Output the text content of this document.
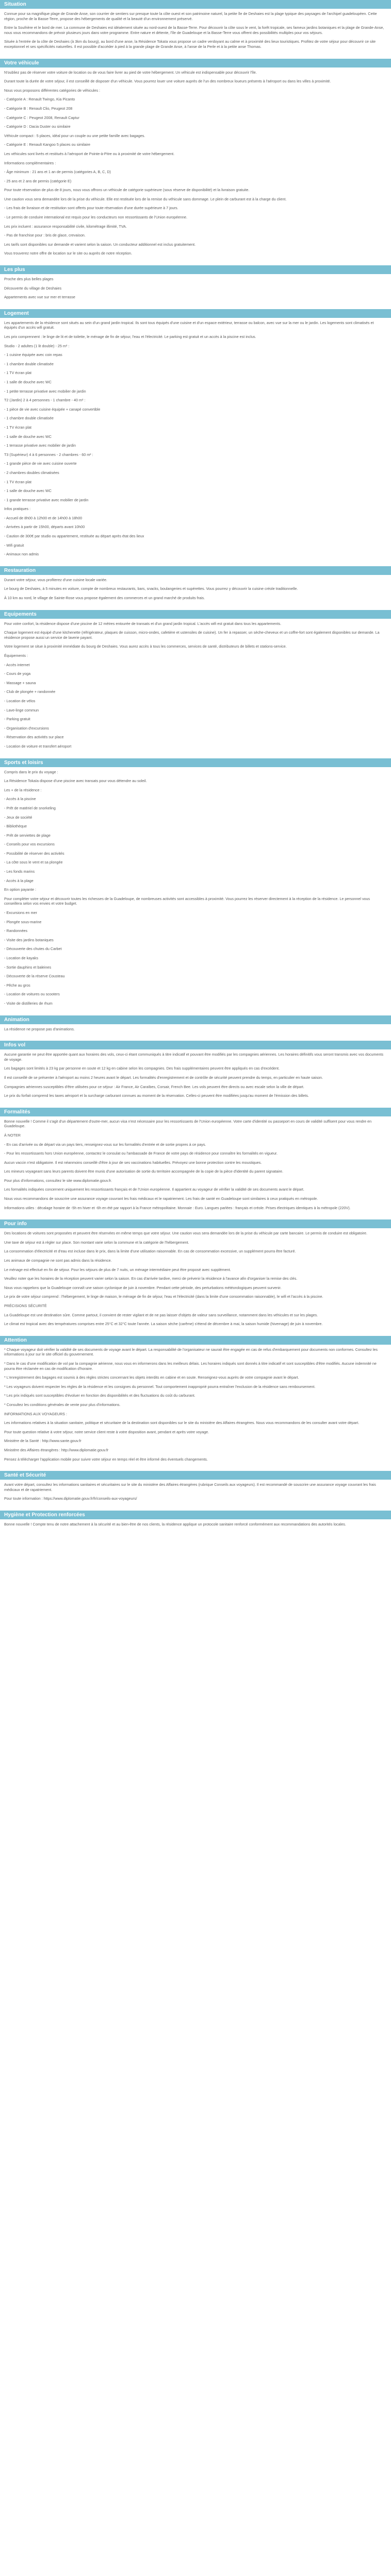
Situation

Connue pour sa magnifique plage de Grande Anse, son courrier de sentiers sur presque toute la côte ouest et son patrimoine naturel, la petite île de Deshaies est la plage typique des paysages de l'archipel guadeloupéen. Cette région, proche de la Basse-Terre, propose des hébergements de qualité et la beauté d'un environnement préservé.

Entre la Soufrière et le bord de mer. La commune de Deshaies est idéalement située au nord-ouest de la Basse-Terre. Pour découvrir la côte sous le vent, la forêt tropicale, ses fameux jardins botaniques et la plage de Grande-Anse, nous vous recommandons de prévoir plusieurs jours dans votre programme. Entre nature et détente, l'île de Guadeloupe et la Basse-Terre vous offrent des possibilités multiples pour vos séjours.

Située à l'entrée de la côte de Deshaies (à 3km du bourg), au bord d'une anse, la Résidence Tokaïa vous propose un cadre verdoyant au calme et à proximité des lieux touristiques. Profitez de votre séjour pour découvrir ce site exceptionnel et ses spécificités naturelles. Il est possible d'accéder à pied à la grande plage de Grande Anse, à l'anse de la Perle et à la petite anse Thomas.

Votre véhicule

N'oubliez pas de réserver votre voiture de location ou de vous faire livrer au pied de votre hébergement. Un véhicule est indispensable pour découvrir l'île.

Durant toute la durée de votre séjour, il est conseillé de disposer d'un véhicule. Vous pourrez louer une voiture auprès de l'un des nombreux loueurs présents à l'aéroport ou dans les villes à proximité.

Nous vous proposons différentes catégories de véhicules :

- Catégorie A : Renault Twingo, Kia Picanto

- Catégorie B : Renault Clio, Peugeot 208

- Catégorie C : Peugeot 2008, Renault Captur

- Catégorie D : Dacia Duster ou similaire

Véhicule compact : 5 places, idéal pour un couple ou une petite famille avec bagages.

- Catégorie E : Renault Kangoo 5 places ou similaire

Les véhicules sont livrés et restitués à l'aéroport de Pointe-à-Pitre ou à proximité de votre hébergement.

Informations complémentaires :

- Âge minimum : 21 ans et 1 an de permis (catégories A, B, C, D)

- 25 ans et 2 ans de permis (catégorie E)

Pour toute réservation de plus de 8 jours, nous vous offrons un véhicule de catégorie supérieure (sous réserve de disponibilité) et la livraison gratuite.

Une caution vous sera demandée lors de la prise du véhicule. Elle est restituée lors de la remise du véhicule sans dommage. Le plein de carburant est à la charge du client.

- Les frais de livraison et de restitution sont offerts pour toute réservation d'une durée supérieure à 7 jours.

- Le permis de conduire international est requis pour les conducteurs non ressortissants de l'Union européenne.

Les prix incluent : assurance responsabilité civile, kilométrage illimité, TVA.

- Pas de franchise pour : bris de glace, crevaison.

Les tarifs sont disponibles sur demande et varient selon la saison. Un conducteur additionnel est inclus gratuitement.

Vous trouverez notre offre de location sur le site ou auprès de notre réception.

Les plus

Proche des plus belles plages

Découverte du village de Deshaies

Appartements avec vue sur mer et terrasse

Logement

Les appartements de la résidence sont situés au sein d'un grand jardin tropical. Ils sont tous équipés d'une cuisine et d'un espace extérieur, terrasse ou balcon, avec vue sur la mer ou le jardin. Les logements sont climatisés et équipés d'un accès wifi gratuit.

Les prix comprennent : le linge de lit et de toilette, le ménage de fin de séjour, l'eau et l'électricité. Le parking est gratuit et un accès à la piscine est inclus.

Studio - 2 adultes (1 lit double) - 25 m² :

- 1 cuisine équipée avec coin repas

- 1 chambre double climatisée

- 1 TV écran plat

- 1 salle de douche avec WC

- 1 petite terrasse privative avec mobilier de jardin

T2 (Jardin) 2 à 4 personnes - 1 chambre - 40 m² :

- 1 pièce de vie avec cuisine équipée + canapé convertible

- 1 chambre double climatisée

- 1 TV écran plat

- 1 salle de douche avec WC

- 1 terrasse privative avec mobilier de jardin

T3 (Supérieur) 4 à 6 personnes - 2 chambres - 60 m² :

- 1 grande pièce de vie avec cuisine ouverte

- 2 chambres doubles climatisées

- 1 TV écran plat

- 1 salle de douche avec WC

- 1 grande terrasse privative avec mobilier de jardin

Infos pratiques :

- Accueil de 8h00 à 12h00 et de 14h00 à 18h00

- Arrivées à partir de 15h00, départs avant 10h00

- Caution de 300€ par studio ou appartement, restituée au départ après état des lieux

- Wifi gratuit

- Animaux non admis

Restauration

Durant votre séjour, vous profiterez d'une cuisine locale variée.

Le bourg de Deshaies, à 5 minutes en voiture, compte de nombreux restaurants, bars, snacks, boulangeries et supérettes. Vous pourrez y découvrir la cuisine créole traditionnelle.

À 10 km au nord, le village de Sainte-Rose vous propose également des commerces et un grand marché de produits frais.

Equipements

Pour votre confort, la résidence dispose d'une piscine de 12 mètres entourée de transats et d'un grand jardin tropical. L'accès wifi est gratuit dans tous les appartements.

Chaque logement est équipé d'une kitchenette (réfrigérateur, plaques de cuisson, micro-ondes, cafetière et ustensiles de cuisine). Un fer à repasser, un sèche-cheveux et un coffre-fort sont également disponibles sur demande. La résidence propose aussi un service de laverie payant.

Votre logement se situe à proximité immédiate du bourg de Deshaies. Vous aurez accès à tous les commerces, services de santé, distributeurs de billets et stations-service.

Équipements :

- Accès internet

- Cours de yoga

- Massage + sauna

- Club de plongée + randonnée

- Location de vélos

- Lave-linge commun

- Parking gratuit

- Organisation d'excursions

- Réservation des activités sur place

- Location de voiture et transfert aéroport

Sports et loisirs

Compris dans le prix du voyage :

La Résidence Tokaïa dispose d'une piscine avec transats pour vous détendre au soleil.

Les + de la résidence :

- Accès à la piscine

- Prêt de matériel de snorkeling

- Jeux de société

- Bibliothèque

- Prêt de serviettes de plage

- Conseils pour vos excursions

- Possibilité de réserver des activités

- La côte sous le vent et sa plongée

- Les fonds marins

- Accès à la plage

En option payante :

Pour compléter votre séjour et découvrir toutes les richesses de la Guadeloupe, de nombreuses activités sont accessibles à proximité. Vous pourrez les réserver directement à la réception de la résidence. Le personnel vous conseillera selon vos envies et votre budget.

- Excursions en mer

- Plongée sous-marine

- Randonnées

- Visite des jardins botaniques

- Découverte des chutes du Carbet

- Location de kayaks

- Sortie dauphins et baleines

- Découverte de la réserve Cousteau

- Pêche au gros

- Location de voitures ou scooters

- Visite de distilleries de rhum

Animation

La résidence ne propose pas d'animations.

Infos vol

Aucune garantie ne peut être apportée quant aux horaires des vols, ceux-ci étant communiqués à titre indicatif et pouvant être modifiés par les compagnies aériennes. Les horaires définitifs vous seront transmis avec vos documents de voyage.

Les bagages sont limités à 23 kg par personne en soute et 12 kg en cabine selon les compagnies. Des frais supplémentaires peuvent être appliqués en cas d'excédent.

Il est conseillé de se présenter à l'aéroport au moins 2 heures avant le départ. Les formalités d'enregistrement et de contrôle de sécurité peuvent prendre du temps, en particulier en haute saison.

Compagnies aériennes susceptibles d'être utilisées pour ce séjour : Air France, Air Caraïbes, Corsair, French Bee. Les vols peuvent être directs ou avec escale selon la ville de départ.

Le prix du forfait comprend les taxes aéroport et la surcharge carburant connues au moment de la réservation. Celles-ci peuvent être modifiées jusqu'au moment de l'émission des billets.

Formalités

Bonne nouvelle ! Comme il s'agit d'un département d'outre-mer, aucun visa n'est nécessaire pour les ressortissants de l'Union européenne. Votre carte d'identité ou passeport en cours de validité suffisent pour vous rendre en Guadeloupe.

À NOTER

- En cas d'arrivée ou de départ via un pays tiers, renseignez-vous sur les formalités d'entrée et de sortie propres à ce pays.

- Pour les ressortissants hors Union européenne, contactez le consulat ou l'ambassade de France de votre pays de résidence pour connaître les formalités en vigueur.

Aucun vaccin n'est obligatoire. Il est néanmoins conseillé d'être à jour de ses vaccinations habituelles. Prévoyez une bonne protection contre les moustiques.

Les mineurs voyageant sans leurs parents doivent être munis d'une autorisation de sortie du territoire accompagnée de la copie de la pièce d'identité du parent signataire.

Pour plus d'informations, consultez le site www.diplomatie.gouv.fr.

Les formalités indiquées concernent uniquement les ressortissants français et de l'Union européenne. Il appartient au voyageur de vérifier la validité de ses documents avant le départ.

Nous vous recommandons de souscrire une assurance voyage couvrant les frais médicaux et le rapatriement. Les frais de santé en Guadeloupe sont similaires à ceux pratiqués en métropole.

Informations utiles : décalage horaire de -5h en hiver et -6h en été par rapport à la France métropolitaine. Monnaie : Euro. Langues parlées : français et créole. Prises électriques identiques à la métropole (220V).

Pour info

Des locations de voitures sont proposées et peuvent être réservées en même temps que votre séjour. Une caution vous sera demandée lors de la prise du véhicule par carte bancaire. Le permis de conduire est obligatoire.

Une taxe de séjour est à régler sur place. Son montant varie selon la commune et la catégorie de l'hébergement.

La consommation d'électricité et d'eau est incluse dans le prix, dans la limite d'une utilisation raisonnable. En cas de consommation excessive, un supplément pourra être facturé.

Les animaux de compagnie ne sont pas admis dans la résidence.

Le ménage est effectué en fin de séjour. Pour les séjours de plus de 7 nuits, un ménage intermédiaire peut être proposé avec supplément.

Veuillez noter que les horaires de la réception peuvent varier selon la saison. En cas d'arrivée tardive, merci de prévenir la résidence à l'avance afin d'organiser la remise des clés.

Nous vous rappelons que la Guadeloupe connaît une saison cyclonique de juin à novembre. Pendant cette période, des perturbations météorologiques peuvent survenir.

Le prix de votre séjour comprend : l'hébergement, le linge de maison, le ménage de fin de séjour, l'eau et l'électricité (dans la limite d'une consommation raisonnable), le wifi et l'accès à la piscine.

PRÉCISIONS SÉCURITÉ

La Guadeloupe est une destination sûre. Comme partout, il convient de rester vigilant et de ne pas laisser d'objets de valeur sans surveillance, notamment dans les véhicules et sur les plages.

Le climat est tropical avec des températures comprises entre 25°C et 32°C toute l'année. La saison sèche (carême) s'étend de décembre à mai, la saison humide (hivernage) de juin à novembre.

Attention

* Chaque voyageur doit vérifier la validité de ses documents de voyage avant le départ. La responsabilité de l'organisateur ne saurait être engagée en cas de refus d'embarquement pour documents non conformes. Consultez les informations à jour sur le site officiel du gouvernement.

* Dans le cas d'une modification de vol par la compagnie aérienne, nous vous en informerons dans les meilleurs délais. Les horaires indiqués sont donnés à titre indicatif et sont susceptibles d'être modifiés. Aucune indemnité ne pourra être réclamée en cas de modification d'horaire.

* L'enregistrement des bagages est soumis à des règles strictes concernant les objets interdits en cabine et en soute. Renseignez-vous auprès de votre compagnie avant le départ.

* Les voyageurs doivent respecter les règles de la résidence et les consignes du personnel. Tout comportement inapproprié pourra entraîner l'exclusion de la résidence sans remboursement.

* Les prix indiqués sont susceptibles d'évoluer en fonction des disponibilités et des fluctuations du coût du carburant.

* Consultez les conditions générales de vente pour plus d'informations.

INFORMATIONS AUX VOYAGEURS :

Les informations relatives à la situation sanitaire, politique et sécuritaire de la destination sont disponibles sur le site du ministère des Affaires étrangères. Nous vous recommandons de les consulter avant votre départ.

Pour toute question relative à votre séjour, notre service client reste à votre disposition avant, pendant et après votre voyage.

Ministère de la Santé : http://www.sante.gouv.fr

Ministère des Affaires étrangères : http://www.diplomatie.gouv.fr

Pensez à télécharger l'application mobile pour suivre votre séjour en temps réel et être informé des éventuels changements.

Santé et Sécurité

Avant votre départ, consultez les informations sanitaires et sécuritaires sur le site du ministère des Affaires étrangères (rubrique Conseils aux voyageurs). Il est recommandé de souscrire une assurance voyage couvrant les frais médicaux et de rapatriement.

Pour toute information : https://www.diplomatie.gouv.fr/fr/conseils-aux-voyageurs/

Hygiène et Protection renforcées

Bonne nouvelle ! Compte tenu de notre attachement à la sécurité et au bien-être de nos clients, la résidence applique un protocole sanitaire renforcé conformément aux recommandations des autorités locales.
